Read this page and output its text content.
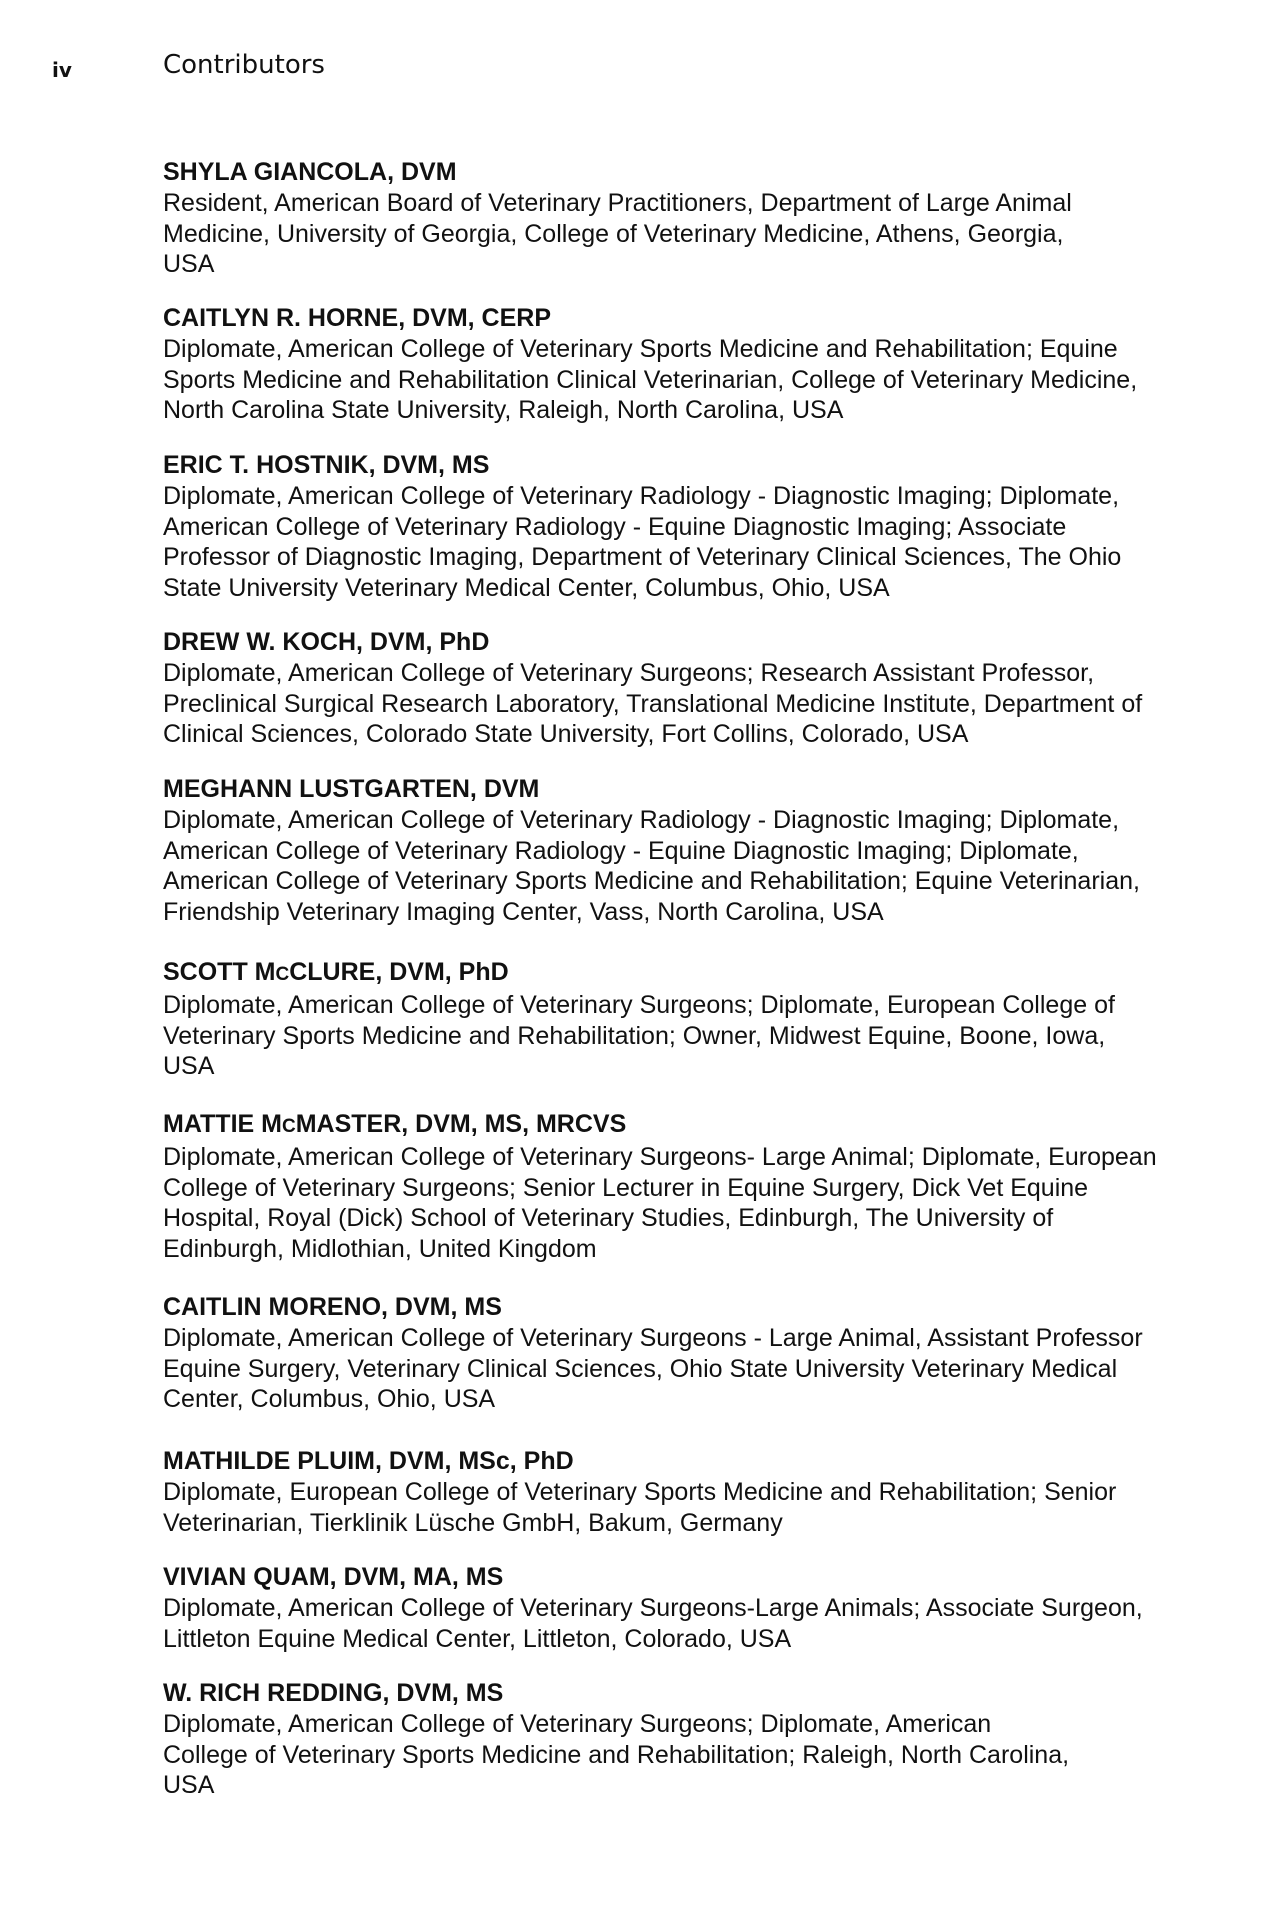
iv	Contributors
SHYLA GIANCOLA, DVM
Resident, American Board of Veterinary Practitioners, Department of Large Animal
Medicine, University of Georgia, College of Veterinary Medicine, Athens, Georgia,
USA
CAITLYN R. HORNE, DVM, CERP
Diplomate, American College of Veterinary Sports Medicine and Rehabilitation; Equine
Sports Medicine and Rehabilitation Clinical Veterinarian, College of Veterinary Medicine,
North Carolina State University, Raleigh, North Carolina, USA
ERIC T. HOSTNIK, DVM, MS
Diplomate, American College of Veterinary Radiology - Diagnostic Imaging; Diplomate,
American College of Veterinary Radiology - Equine Diagnostic Imaging; Associate
Professor of Diagnostic Imaging, Department of Veterinary Clinical Sciences, The Ohio
State University Veterinary Medical Center, Columbus, Ohio, USA
DREW W. KOCH, DVM, PhD
Diplomate, American College of Veterinary Surgeons; Research Assistant Professor,
Preclinical Surgical Research Laboratory, Translational Medicine Institute, Department of
Clinical Sciences, Colorado State University, Fort Collins, Colorado, USA
MEGHANN LUSTGARTEN, DVM
Diplomate, American College of Veterinary Radiology - Diagnostic Imaging; Diplomate,
American College of Veterinary Radiology - Equine Diagnostic Imaging; Diplomate,
American College of Veterinary Sports Medicine and Rehabilitation; Equine Veterinarian,
Friendship Veterinary Imaging Center, Vass, North Carolina, USA
SCOTT MCCLURE, DVM, PhD
Diplomate, American College of Veterinary Surgeons; Diplomate, European College of
Veterinary Sports Medicine and Rehabilitation; Owner, Midwest Equine, Boone, Iowa,
USA
MATTIE MCMASTER, DVM, MS, MRCVS
Diplomate, American College of Veterinary Surgeons- Large Animal; Diplomate, European
College of Veterinary Surgeons; Senior Lecturer in Equine Surgery, Dick Vet Equine
Hospital, Royal (Dick) School of Veterinary Studies, Edinburgh, The University of
Edinburgh, Midlothian, United Kingdom
CAITLIN MORENO, DVM, MS
Diplomate, American College of Veterinary Surgeons - Large Animal, Assistant Professor
Equine Surgery, Veterinary Clinical Sciences, Ohio State University Veterinary Medical
Center, Columbus, Ohio, USA
MATHILDE PLUIM, DVM, MSc, PhD
Diplomate, European College of Veterinary Sports Medicine and Rehabilitation; Senior
Veterinarian, Tierklinik Lüsche GmbH, Bakum, Germany
VIVIAN QUAM, DVM, MA, MS
Diplomate, American College of Veterinary Surgeons-Large Animals; Associate Surgeon,
Littleton Equine Medical Center, Littleton, Colorado, USA
W. RICH REDDING, DVM, MS
Diplomate, American College of Veterinary Surgeons; Diplomate, American
College of Veterinary Sports Medicine and Rehabilitation; Raleigh, North Carolina,
USA
